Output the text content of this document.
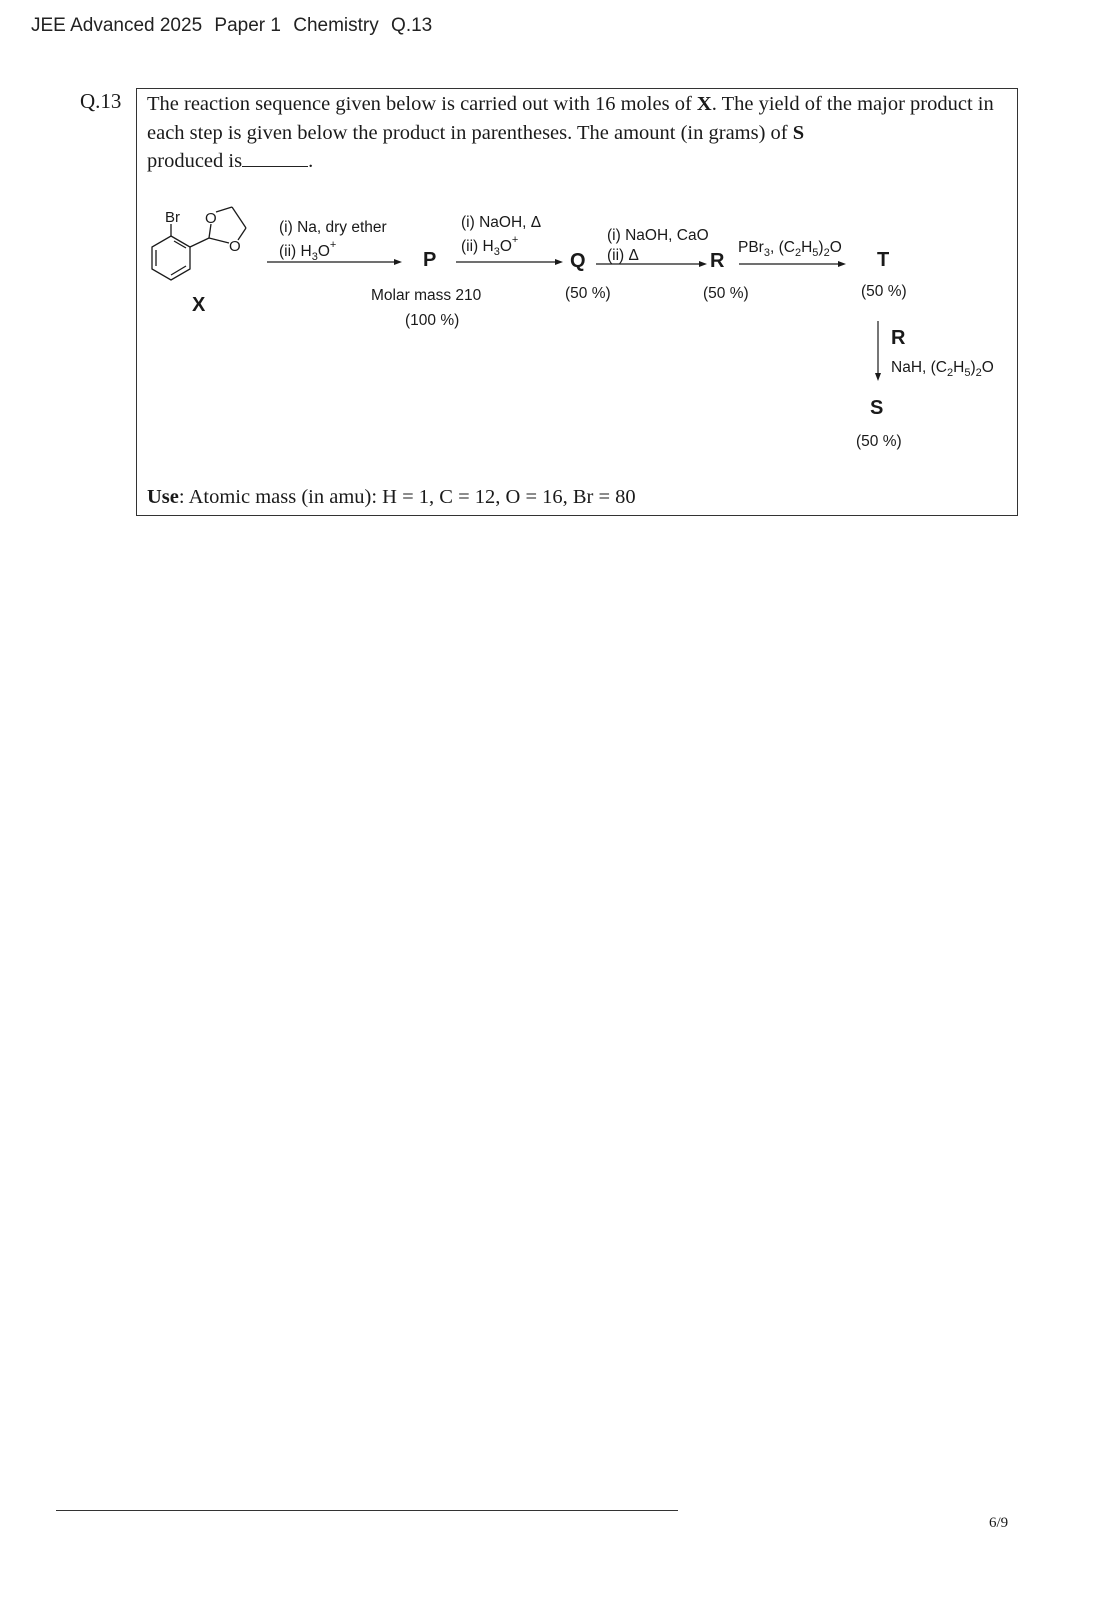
JEE Advanced 2025 Paper 1 Chemistry Q.13
Q.13 The reaction sequence given below is carried out with 16 moles of X. The yield of the major product in each step is given below the product in parentheses. The amount (in grams) of S
produced is	.
Br O
O
X
(i) Na, dry ether
(ii) $H_3O^+$
P
Molar mass 210
(100 %)
(i) NaOH, Δ
(ii) $H_3O^+$
Q
(50 %)
(i) NaOH, CaO
(ii) Δ	R
(50 %)
PBr$_3$, $(C_2H_5)_2O$
T
(50 %)
R
NaH, $(C_2H_5)_2O$
S
(50 %)
Use: Atomic mass (in amu): H = 1, C = 12, O = 16, Br = 80
6/9
